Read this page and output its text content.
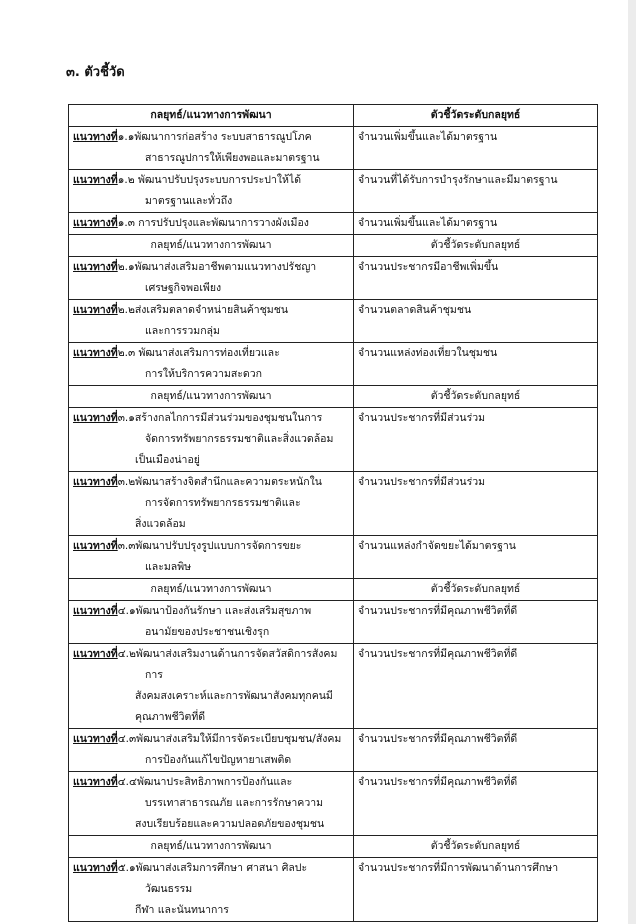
๓. ตัวชี้วัด
กลยุทธ์/แนวทางการพัฒนา	ตัวชี้วัดระดับกลยุทธ์

แนวทางที่๑.๑พัฒนาการก่อสร้าง ระบบสาธารณูปโภค
สาธารณูปการให้เพียงพอและมาตรฐาน	จำนวนเพิ่มขึ้นและได้มาตรฐาน

แนวทางที่๑.๒ พัฒนาปรับปรุงระบบการประปาให้ได้
มาตรฐานและทั่วถึง	จำนวนที่ได้รับการบำรุงรักษาและมีมาตรฐาน

แนวทางที่๑.๓ การปรับปรุงและพัฒนาการวางผังเมือง	จำนวนเพิ่มขึ้นและได้มาตรฐาน

กลยุทธ์/แนวทางการพัฒนา	ตัวชี้วัดระดับกลยุทธ์

แนวทางที่๒.๑พัฒนาส่งเสริมอาชีพตามแนวทางปรัชญา
เศรษฐกิจพอเพียง	จำนวนประชากรมีอาชีพเพิ่มขึ้น

แนวทางที่๒.๒ส่งเสริมตลาดจำหน่ายสินค้าชุมชน
และการรวมกลุ่ม	จำนวนตลาดสินค้าชุมชน

แนวทางที่๒.๓ พัฒนาส่งเสริมการท่องเที่ยวและ
การให้บริการความสะดวก	จำนวนแหล่งท่องเที่ยวในชุมชน

กลยุทธ์/แนวทางการพัฒนา	ตัวชี้วัดระดับกลยุทธ์

แนวทางที่๓.๑สร้างกลไกการมีส่วนร่วมของชุมชนในการ
จัดการทรัพยากรธรรมชาติและสิ่งแวดล้อม
เป็นเมืองน่าอยู่	จำนวนประชากรที่มีส่วนร่วม

แนวทางที่๓.๒พัฒนาสร้างจิตสำนึกและความตระหนักใน
การจัดการทรัพยากรธรรมชาติและ
สิ่งแวดล้อม	จำนวนประชากรที่มีส่วนร่วม

แนวทางที่๓.๓พัฒนาปรับปรุงรูปแบบการจัดการขยะ
และมลพิษ	จำนวนแหล่งกำจัดขยะได้มาตรฐาน

กลยุทธ์/แนวทางการพัฒนา	ตัวชี้วัดระดับกลยุทธ์

แนวทางที่๔.๑พัฒนาป้องกันรักษา และส่งเสริมสุขภาพ
อนามัยของประชาชนเชิงรุก	จำนวนประชากรที่มีคุณภาพชีวิตที่ดี

แนวทางที่๔.๒พัฒนาส่งเสริมงานด้านการจัดสวัสดิการสังคม
การ
สังคมสงเคราะห์และการพัฒนาสังคมทุกคนมี
คุณภาพชีวิตที่ดี	จำนวนประชากรที่มีคุณภาพชีวิตที่ดี

แนวทางที่๔.๓พัฒนาส่งเสริมให้มีการจัดระเบียบชุมชน/สังคม
การป้องกันแก้ไขปัญหายาเสพติด	จำนวนประชากรที่มีคุณภาพชีวิตที่ดี

แนวทางที่๔.๔พัฒนาประสิทธิภาพการป้องกันและ
บรรเทาสาธารณภัย และการรักษาความ
สงบเรียบร้อยและความปลอดภัยของชุมชน	จำนวนประชากรที่มีคุณภาพชีวิตที่ดี

กลยุทธ์/แนวทางการพัฒนา	ตัวชี้วัดระดับกลยุทธ์

แนวทางที่๕.๑พัฒนาส่งเสริมการศึกษา ศาสนา ศิลปะ
วัฒนธรรม
กีฬา และนันทนาการ	จำนวนประชากรที่มีการพัฒนาด้านการศึกษา
